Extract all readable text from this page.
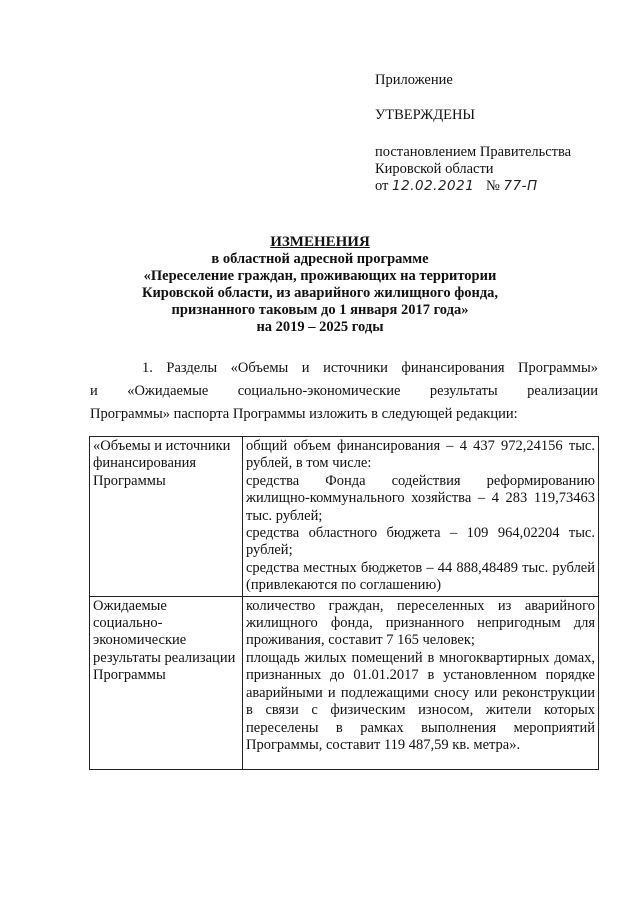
Приложение
УТВЕРЖДЕНЫ
постановлением Правительства
Кировской области
от 12.02.2021 № 77-П
ИЗМЕНЕНИЯ
в областной адресной программе
«Переселение граждан, проживающих на территории
Кировской области, из аварийного жилищного фонда,
признанного таковым до 1 января 2017 года»
на 2019 – 2025 годы
1. Разделы «Объемы и источники финансирования Программы»
и «Ожидаемые социально-экономические результаты реализации
Программы» паспорта Программы изложить в следующей редакции:
«Объемы и источники финансирования Программы	общий объем финансирования – 4 437 972,24156 тыс. рублей, в том числе:
средства Фонда содействия реформированию жилищно-коммунального хозяйства – 4 283 119,73463 тыс. рублей;
средства областного бюджета – 109 964,02204 тыс. рублей;
средства местных бюджетов – 44 888,48489 тыс. рублей (привлекаются по соглашению)

Ожидаемые социально-экономические результаты реализации Программы	количество граждан, переселенных из аварийного жилищного фонда, признанного непригодным для проживания, составит 7 165 человек;
площадь жилых помещений в многоквартирных домах, признанных до 01.01.2017 в установленном порядке аварийными и подлежащими сносу или реконструкции в связи с физическим износом, жители которых переселены в рамках выполнения мероприятий Программы, составит 119 487,59 кв. метра».
